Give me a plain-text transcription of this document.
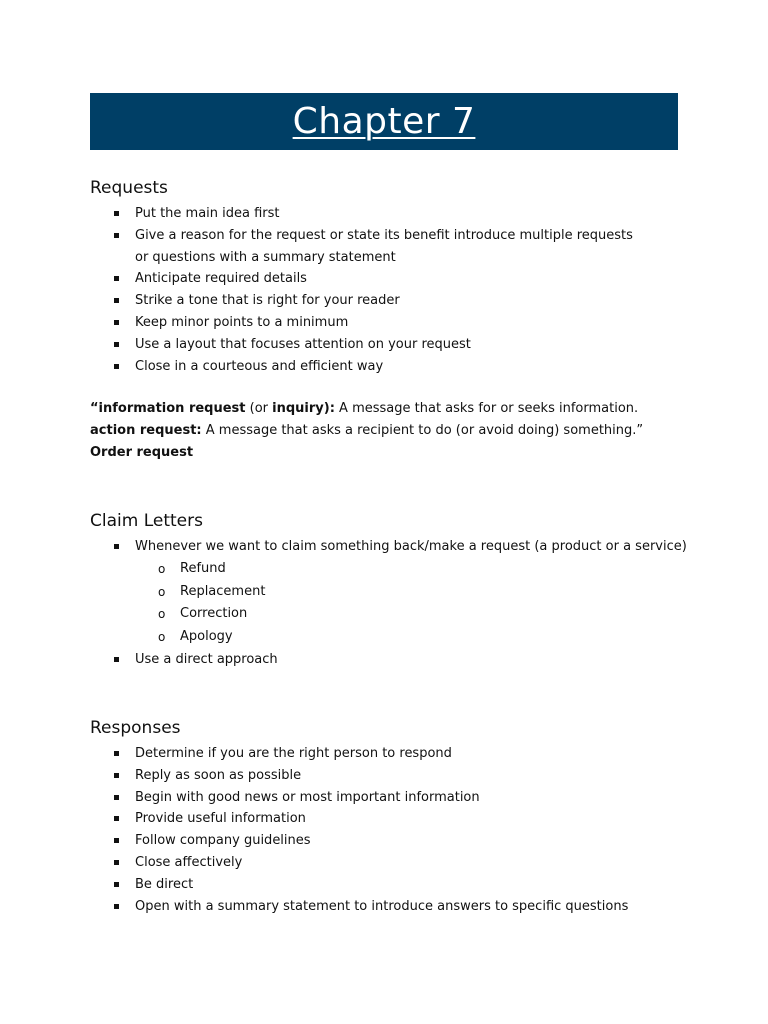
Chapter 7
Requests
Put the main idea first
Give a reason for the request or state its benefit introduce multiple requests or questions with a summary statement
Anticipate required details
Strike a tone that is right for your reader
Keep minor points to a minimum
Use a layout that focuses attention on your request
Close in a courteous and efficient way

“information request (or inquiry): A message that asks for or seeks information.

action request: A message that asks a recipient to do (or avoid doing) something.”

Order request

Claim Letters
Whenever we want to claim something back/make a request (a product or a service)
o Refund
o Replacement
o Correction
o Apology
Use a direct approach
Responses
Determine if you are the right person to respond
Reply as soon as possible
Begin with good news or most important information
Provide useful information
Follow company guidelines
Close affectively
Be direct
Open with a summary statement to introduce answers to specific questions
